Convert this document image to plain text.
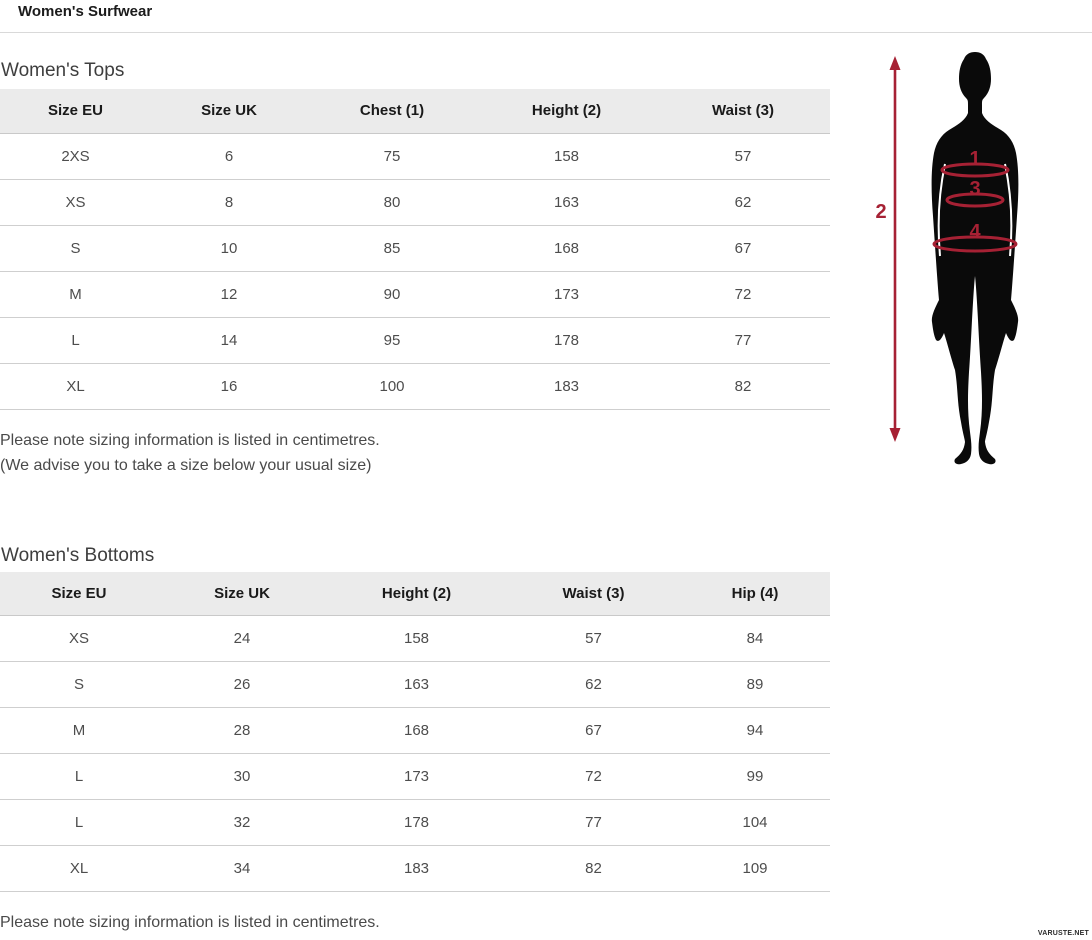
Women's Surfwear
Women's Tops
Size EU	Size UK	Chest (1)	Height (2)	Waist (3)
2XS	6	75	158	57
XS	8	80	163	62
S	10	85	168	67
M	12	90	173	72
L	14	95	178	77
XL	16	100	183	82
Please note sizing information is listed in centimetres.
(We advise you to take a size below your usual size)
Women's Bottoms
Size EU	Size UK	Height (2)	Waist (3)	Hip (4)
XS	24	158	57	84
S	26	163	62	89
M	28	168	67	94
L	30	173	72	99
L	32	178	77	104
XL	34	183	82	109
Please note sizing information is listed in centimetres.
1
2
3
4
VARUSTE.NET
